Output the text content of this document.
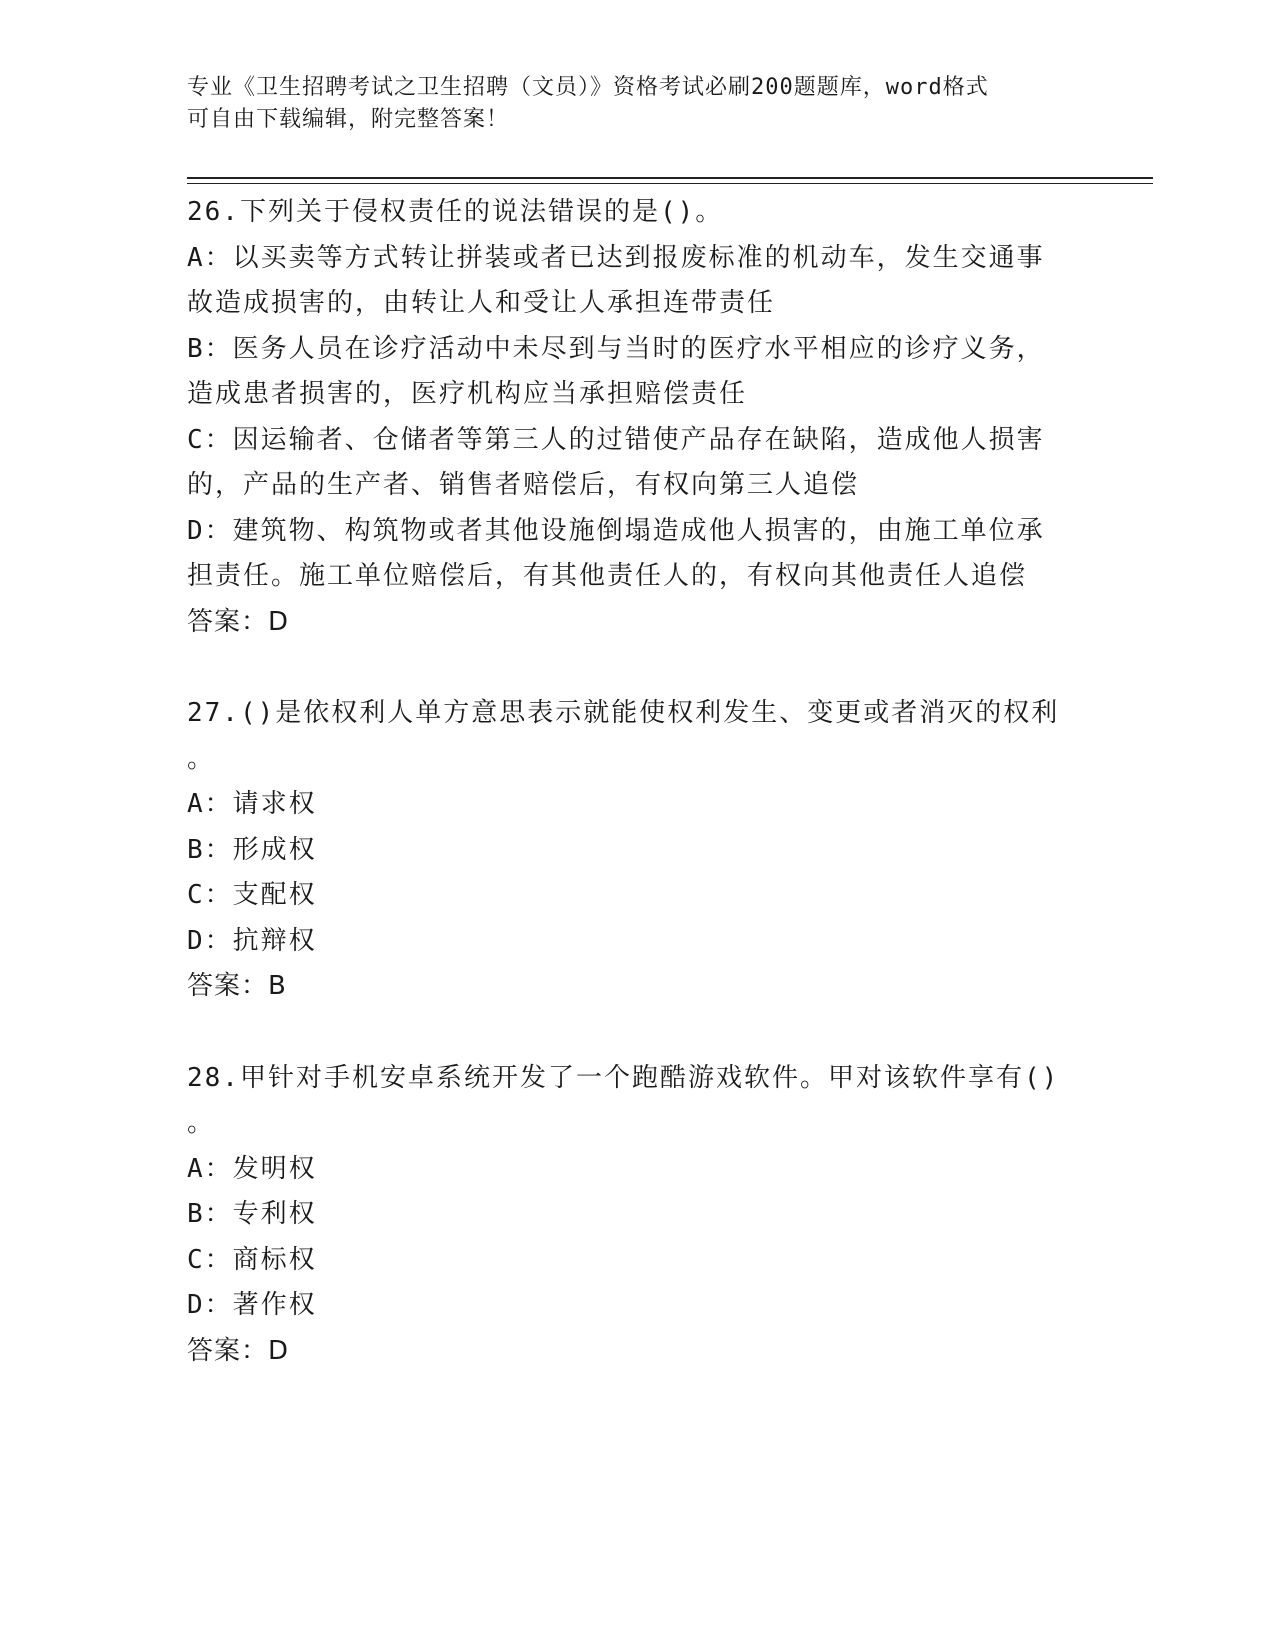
专业《卫生招聘考试之卫生招聘（文员）》资格考试必刷200题题库，word格式
可自由下载编辑，附完整答案！
26.下列关于侵权责任的说法错误的是()。
A：以买卖等方式转让拼装或者已达到报废标准的机动车，发生交通事
故造成损害的，由转让人和受让人承担连带责任
B：医务人员在诊疗活动中未尽到与当时的医疗水平相应的诊疗义务，
造成患者损害的，医疗机构应当承担赔偿责任
C：因运输者、仓储者等第三人的过错使产品存在缺陷，造成他人损害
的，产品的生产者、销售者赔偿后，有权向第三人追偿
D：建筑物、构筑物或者其他设施倒塌造成他人损害的，由施工单位承
担责任。施工单位赔偿后，有其他责任人的，有权向其他责任人追偿
答案：D
27.()是依权利人单方意思表示就能使权利发生、变更或者消灭的权利
。
A：请求权
B：形成权
C：支配权
D：抗辩权
答案：B
28.甲针对手机安卓系统开发了一个跑酷游戏软件。甲对该软件享有()
。
A：发明权
B：专利权
C：商标权
D：著作权
答案：D
